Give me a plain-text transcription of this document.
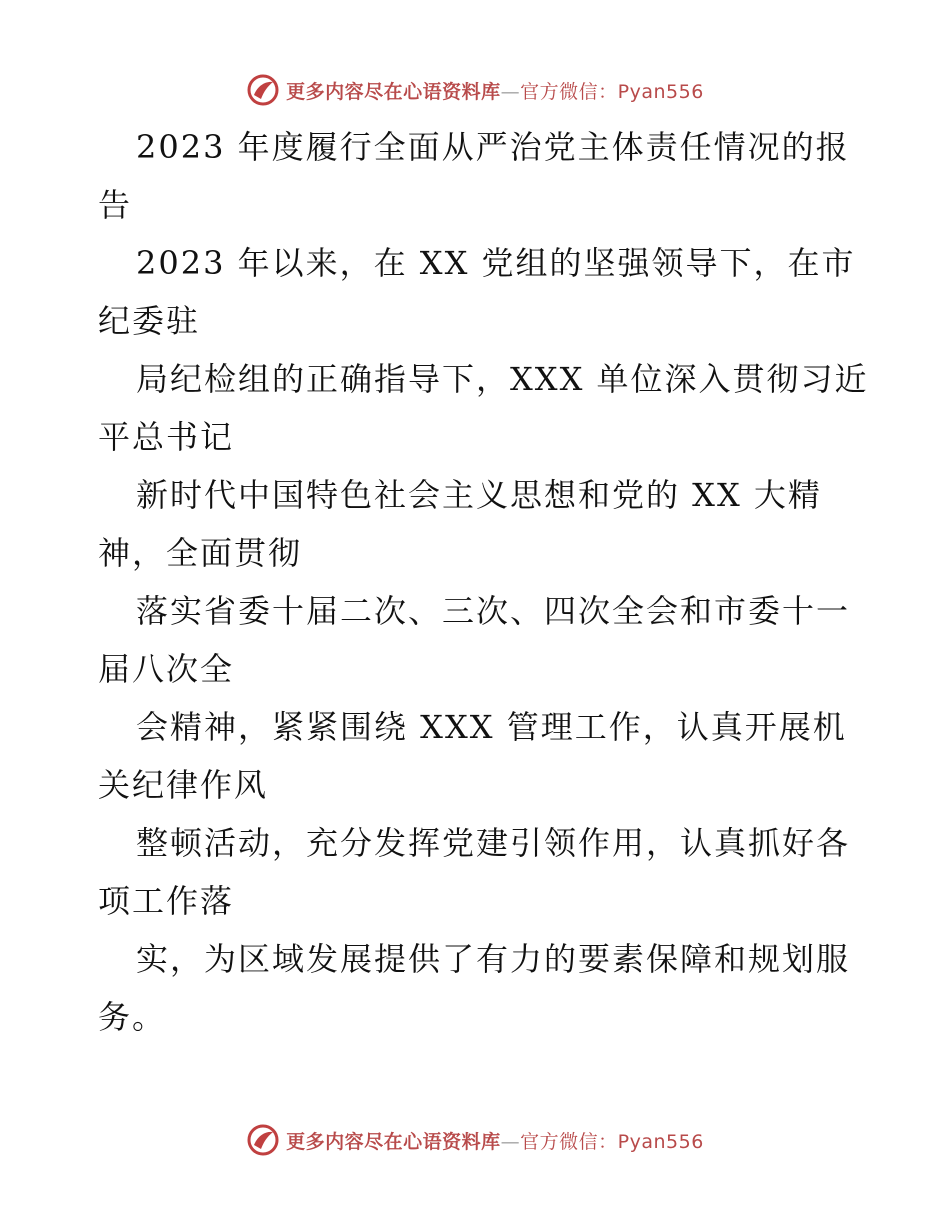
更多内容尽在心语资料库—官方微信：Pyan556
2023 年度履行全面从严治党主体责任情况的报
告
2023 年以来，在 XX 党组的坚强领导下，在市
纪委驻
局纪检组的正确指导下，XXX 单位深入贯彻习近
平总书记
新时代中国特色社会主义思想和党的 XX 大精
神，全面贯彻
落实省委十届二次、三次、四次全会和市委十一
届八次全
会精神，紧紧围绕 XXX 管理工作，认真开展机
关纪律作风
整顿活动，充分发挥党建引领作用，认真抓好各
项工作落
实，为区域发展提供了有力的要素保障和规划服
务。
更多内容尽在心语资料库—官方微信：Pyan556
